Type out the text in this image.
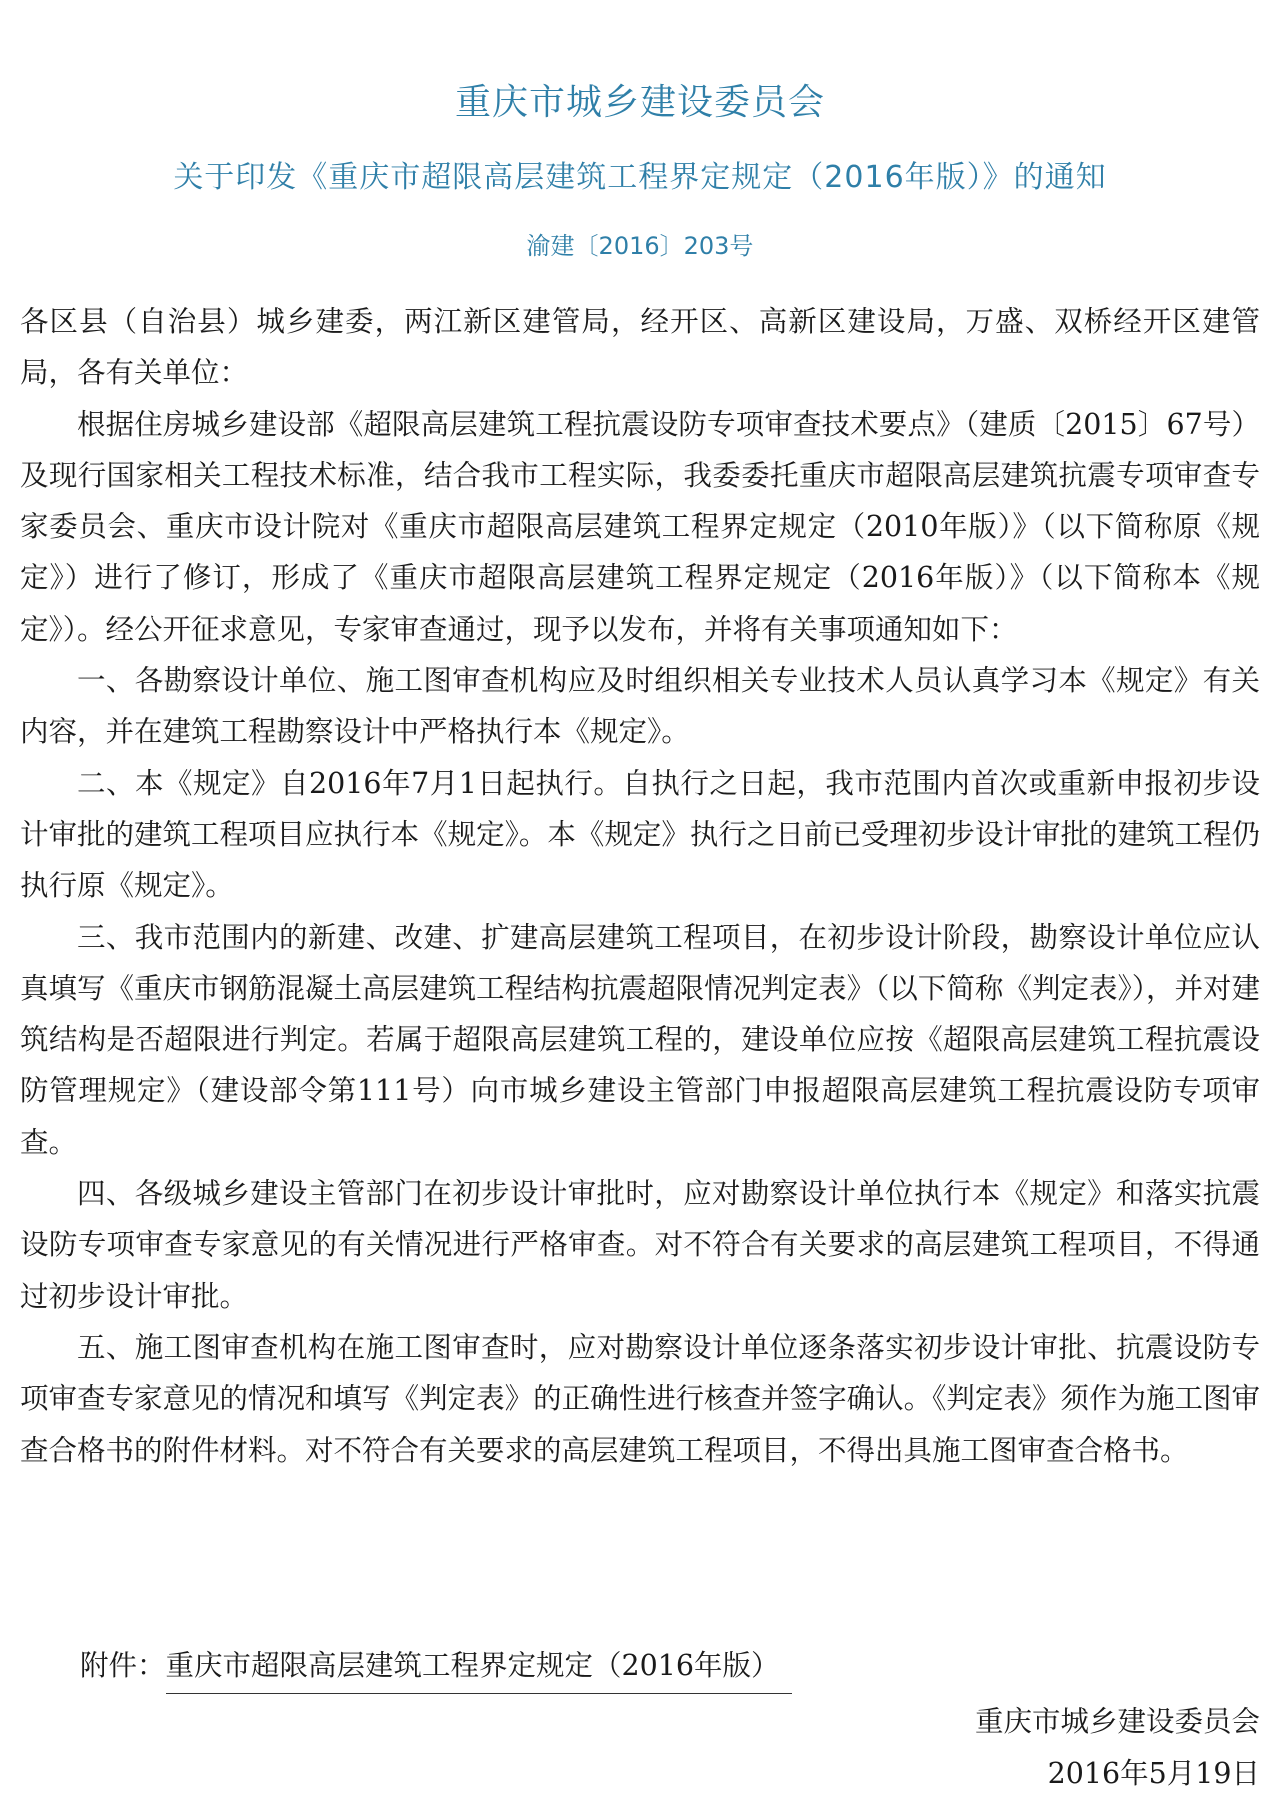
重庆市城乡建设委员会
关于印发《重庆市超限高层建筑工程界定规定（2016年版）》的通知
渝建〔2016〕203号

各区县（自治县）城乡建委，两江新区建管局，经开区、高新区建设局，万盛、双桥经开区建管局，各有关单位：

根据住房城乡建设部《超限高层建筑工程抗震设防专项审查技术要点》（建质〔2015〕67号）及现行国家相关工程技术标准，结合我市工程实际，我委委托重庆市超限高层建筑抗震专项审查专家委员会、重庆市设计院对《重庆市超限高层建筑工程界定规定（2010年版）》（以下简称原《规定》）进行了修订，形成了《重庆市超限高层建筑工程界定规定（2016年版）》（以下简称本《规定》）。经公开征求意见，专家审查通过，现予以发布，并将有关事项通知如下：

一、各勘察设计单位、施工图审查机构应及时组织相关专业技术人员认真学习本《规定》有关内容，并在建筑工程勘察设计中严格执行本《规定》。

二、本《规定》自2016年7月1日起执行。自执行之日起，我市范围内首次或重新申报初步设计审批的建筑工程项目应执行本《规定》。本《规定》执行之日前已受理初步设计审批的建筑工程仍执行原《规定》。

三、我市范围内的新建、改建、扩建高层建筑工程项目，在初步设计阶段，勘察设计单位应认真填写《重庆市钢筋混凝土高层建筑工程结构抗震超限情况判定表》（以下简称《判定表》），并对建筑结构是否超限进行判定。若属于超限高层建筑工程的，建设单位应按《超限高层建筑工程抗震设防管理规定》（建设部令第111号）向市城乡建设主管部门申报超限高层建筑工程抗震设防专项审查。

四、各级城乡建设主管部门在初步设计审批时，应对勘察设计单位执行本《规定》和落实抗震设防专项审查专家意见的有关情况进行严格审查。对不符合有关要求的高层建筑工程项目，不得通过初步设计审批。

五、施工图审查机构在施工图审查时，应对勘察设计单位逐条落实初步设计审批、抗震设防专项审查专家意见的情况和填写《判定表》的正确性进行核查并签字确认。《判定表》须作为施工图审查合格书的附件材料。对不符合有关要求的高层建筑工程项目，不得出具施工图审查合格书。

附件：重庆市超限高层建筑工程界定规定（2016年版）
重庆市城乡建设委员会
2016年5月19日
